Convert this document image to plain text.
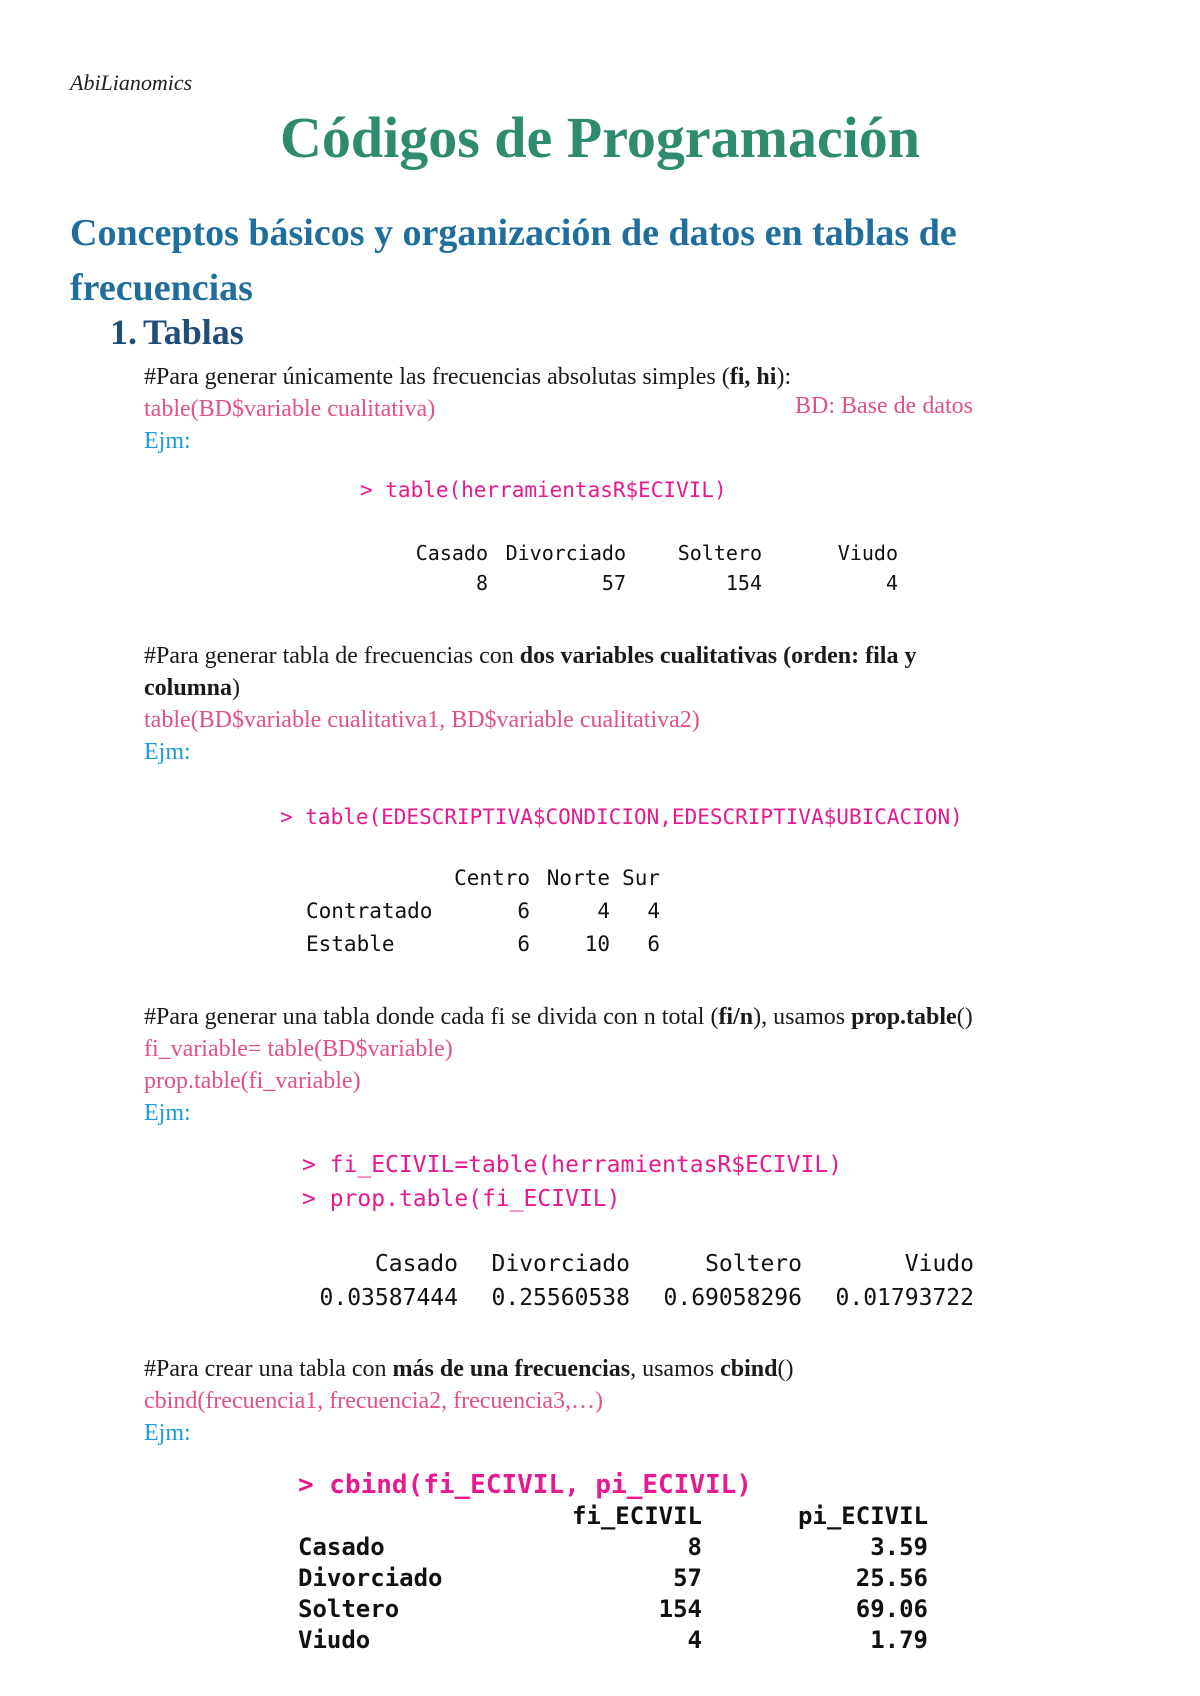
AbiLianomics
Códigos de Programación
Conceptos básicos y organización de datos en tablas de frecuencias
1. Tablas
#Para generar únicamente las frecuencias absolutas simples (fi, hi):
table(BD$variable cualitativa)	BD: Base de datos
Ejm:
> table(herramientasR$ECIVIL)
Casado	Divorciado	Soltero	Viudo
8	57	154	4
#Para generar tabla de frecuencias con dos variables cualitativas (orden: fila y
columna)
table(BD$variable cualitativa1, BD$variable cualitativa2)
Ejm:
> table(EDESCRIPTIVA$CONDICION,EDESCRIPTIVA$UBICACION)
	Centro	Norte	Sur
Contratado	6	4	4
Estable	6	10	6
#Para generar una tabla donde cada fi se divida con n total (fi/n), usamos prop.table()
fi_variable= table(BD$variable)
prop.table(fi_variable)
Ejm:
> fi_ECIVIL=table(herramientasR$ECIVIL)
> prop.table(fi_ECIVIL)
Casado	Divorciado	Soltero	Viudo
0.03587444	0.25560538	0.69058296	0.01793722
#Para crear una tabla con más de una frecuencias, usamos cbind()
cbind(frecuencia1, frecuencia2, frecuencia3,…)
Ejm:
> cbind(fi_ECIVIL, pi_ECIVIL)
	fi_ECIVIL	pi_ECIVIL
Casado	8	3.59
Divorciado	57	25.56
Soltero	154	69.06
Viudo	4	1.79
